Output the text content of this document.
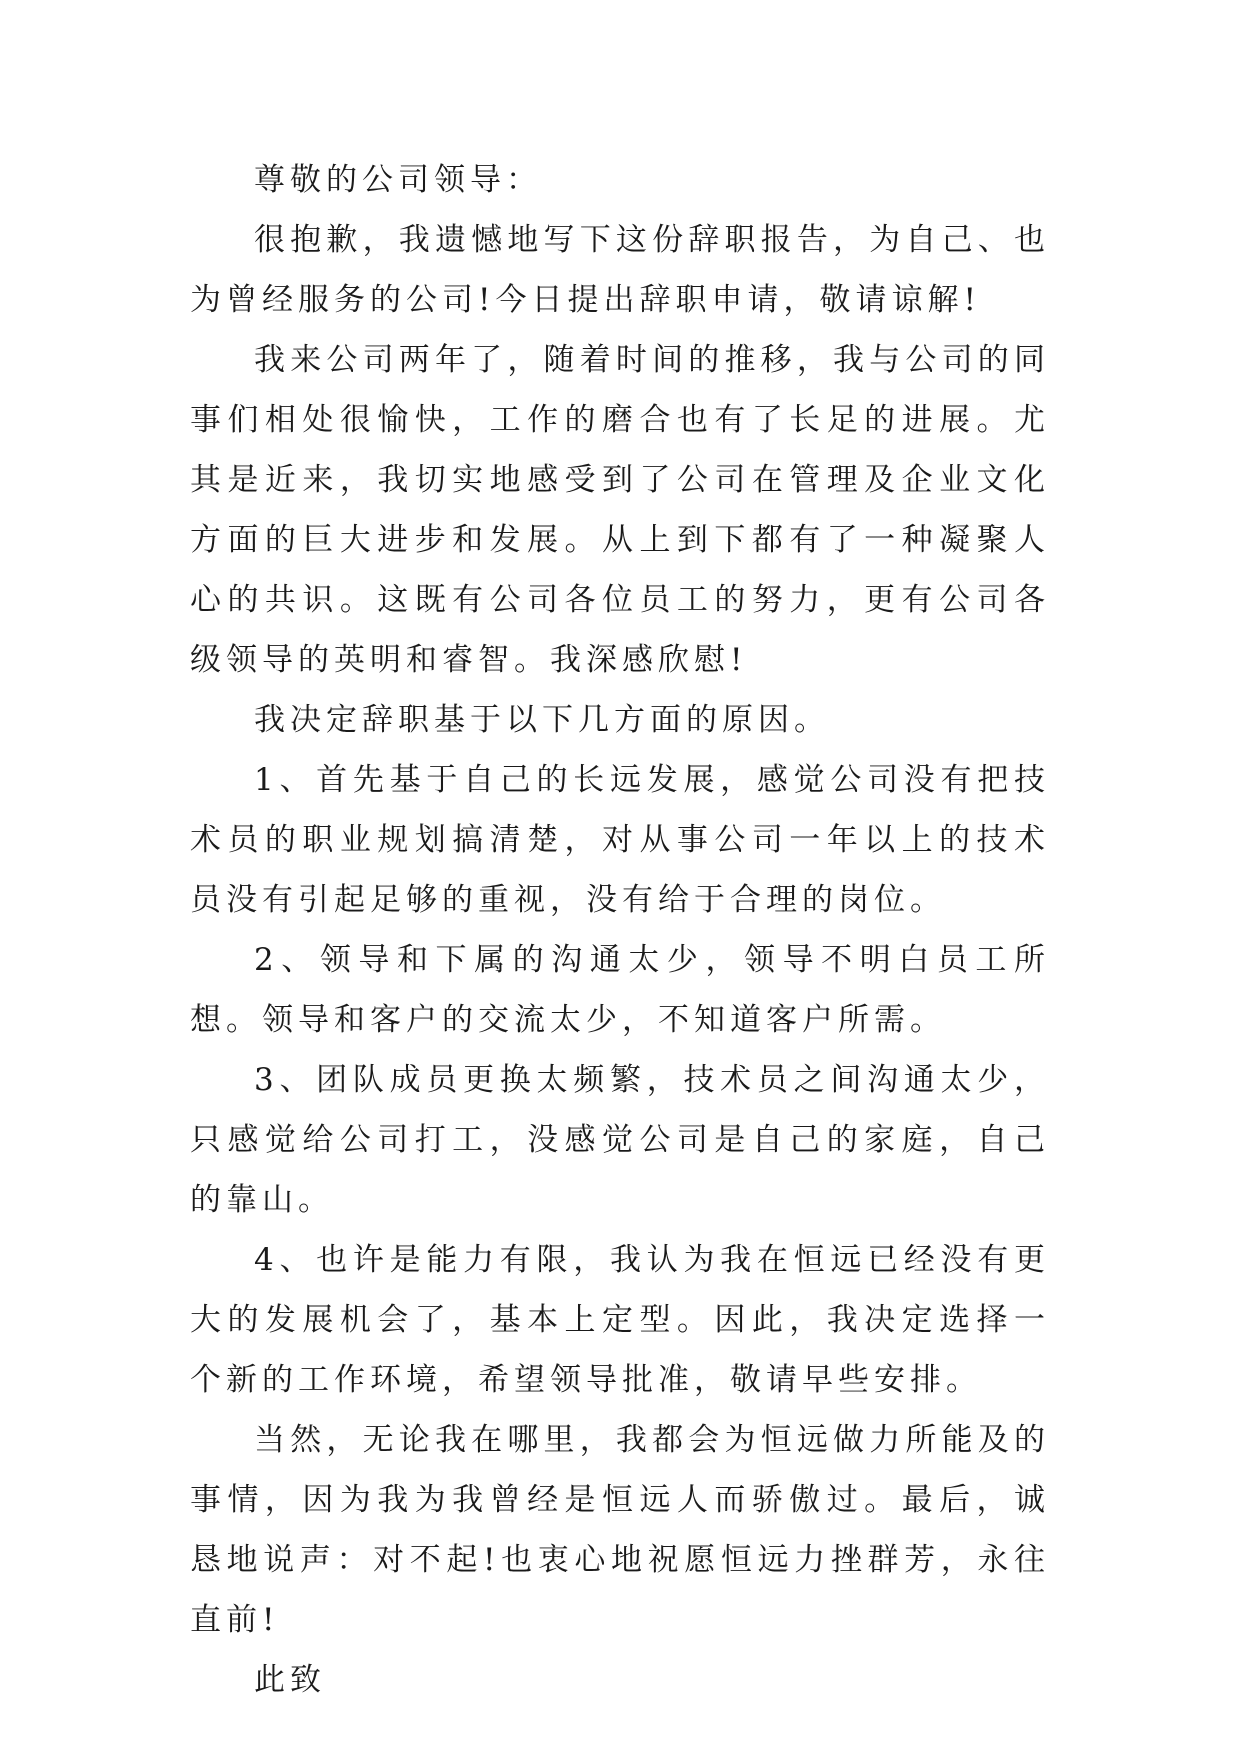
尊敬的公司领导：

很抱歉，我遗憾地写下这份辞职报告，为自己、也为曾经服务的公司!今日提出辞职申请，敬请谅解!

我来公司两年了，随着时间的推移，我与公司的同事们相处很愉快，工作的磨合也有了长足的进展。尤其是近来，我切实地感受到了公司在管理及企业文化方面的巨大进步和发展。从上到下都有了一种凝聚人心的共识。这既有公司各位员工的努力，更有公司各级领导的英明和睿智。我深感欣慰!

我决定辞职基于以下几方面的原因。

1、首先基于自己的长远发展，感觉公司没有把技术员的职业规划搞清楚，对从事公司一年以上的技术员没有引起足够的重视，没有给于合理的岗位。

2、领导和下属的沟通太少，领导不明白员工所想。领导和客户的交流太少，不知道客户所需。

3、团队成员更换太频繁，技术员之间沟通太少，只感觉给公司打工，没感觉公司是自己的家庭，自己的靠山。

4、也许是能力有限，我认为我在恒远已经没有更大的发展机会了，基本上定型。因此，我决定选择一个新的工作环境，希望领导批准，敬请早些安排。

当然，无论我在哪里，我都会为恒远做力所能及的事情，因为我为我曾经是恒远人而骄傲过。最后，诚恳地说声：对不起!也衷心地祝愿恒远力挫群芳，永往直前!

此致
